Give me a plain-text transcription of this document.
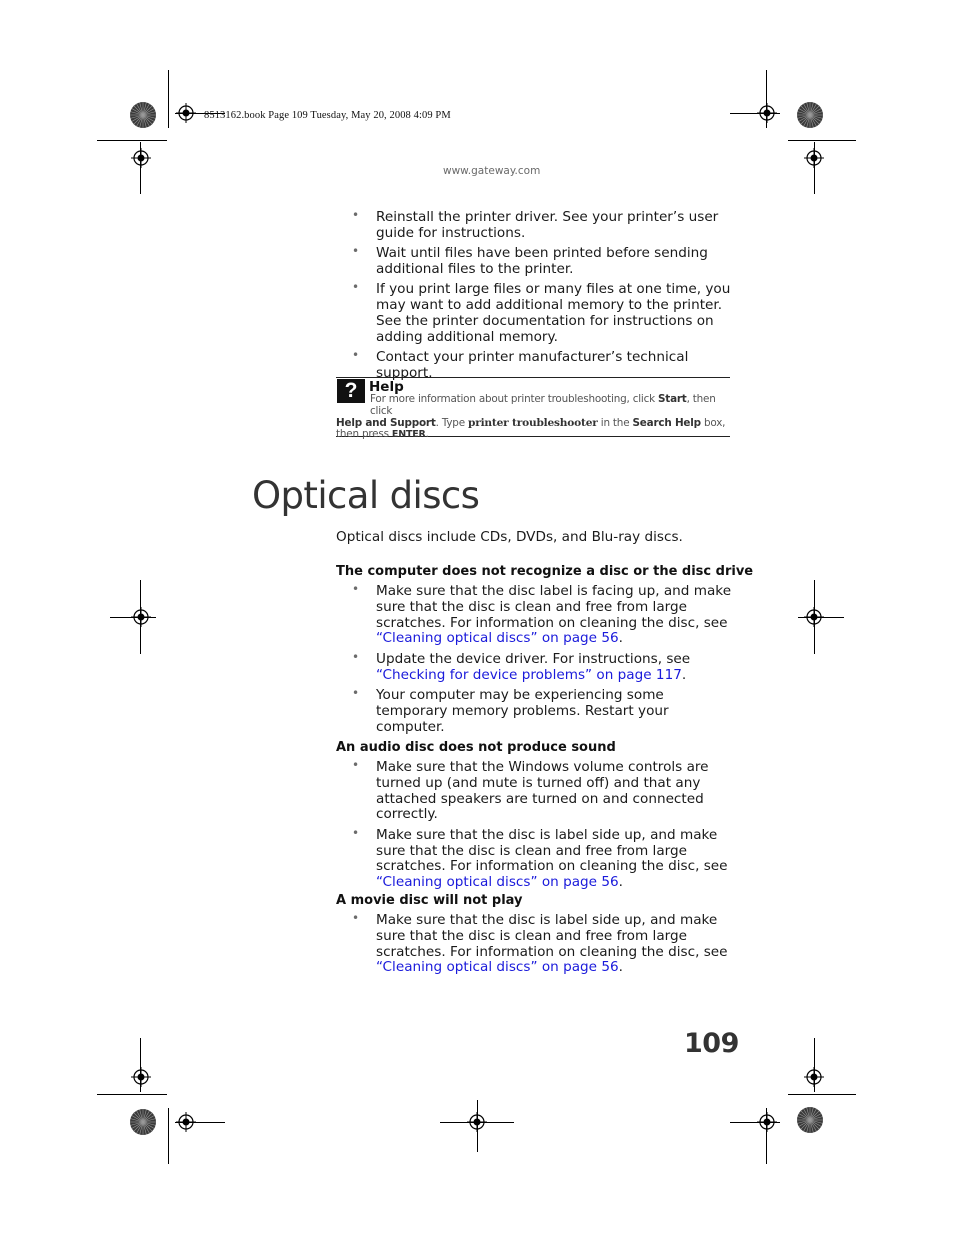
8513162.book Page 109 Tuesday, May 20, 2008 4:09 PM
www.gateway.com
• Reinstall the printer driver. See your printer’s user guide for instructions.
• Wait until files have been printed before sending additional files to the printer.
• If you print large files or many files at one time, you may want to add additional memory to the printer. See the printer documentation for instructions on adding additional memory.
• Contact your printer manufacturer’s technical support.
? Help
For more information about printer troubleshooting, click Start, then click
Help and Support. Type printer troubleshooter in the Search Help box,
then press ENTER.
Optical discs
Optical discs include CDs, DVDs, and Blu-ray discs.
The computer does not recognize a disc or the disc drive
• Make sure that the disc label is facing up, and make sure that the disc is clean and free from large scratches. For information on cleaning the disc, see “Cleaning optical discs” on page 56.
• Update the device driver. For instructions, see “Checking for device problems” on page 117.
• Your computer may be experiencing some temporary memory problems. Restart your computer.
An audio disc does not produce sound
• Make sure that the Windows volume controls are turned up (and mute is turned off) and that any attached speakers are turned on and connected correctly.
• Make sure that the disc is label side up, and make sure that the disc is clean and free from large scratches. For information on cleaning the disc, see “Cleaning optical discs” on page 56.
A movie disc will not play
• Make sure that the disc is label side up, and make sure that the disc is clean and free from large scratches. For information on cleaning the disc, see “Cleaning optical discs” on page 56.
109
